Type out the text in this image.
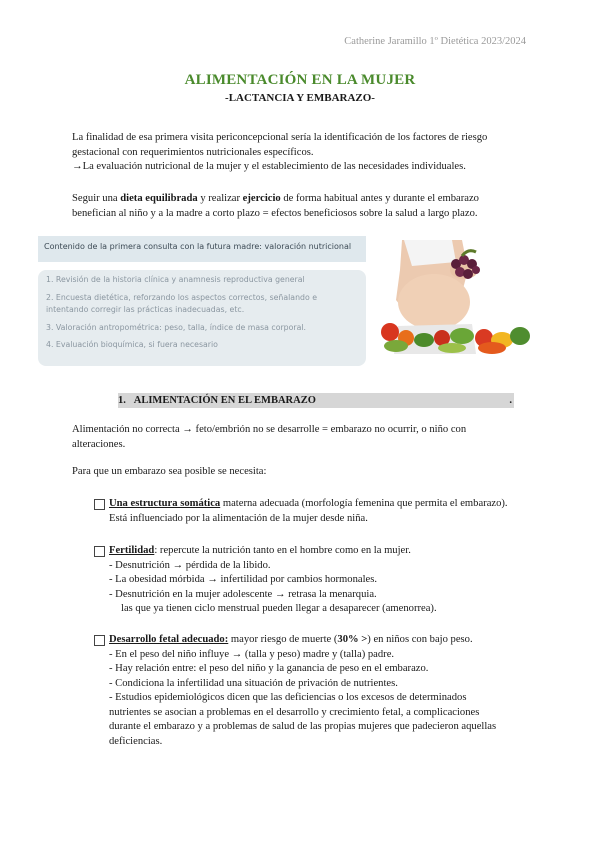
Catherine Jaramillo 1º Dietética 2023/2024
ALIMENTACIÓN EN LA MUJER
-LACTANCIA Y EMBARAZO-

La finalidad de esa primera visita periconcepcional sería la identificación de los factores de riesgo

gestacional con requerimientos nutricionales específicos.

→La evaluación nutricional de la mujer y el establecimiento de las necesidades individuales.

Seguir una dieta equilibrada y realizar ejercicio de forma habitual antes y durante el embarazo

benefician al niño y a la madre a corto plazo = efectos beneficiosos sobre la salud a largo plazo.

Contenido de la primera consulta con la futura madre: valoración nutricional

1. Revisión de la historia clínica y anamnesis reproductiva general

2. Encuesta dietética, reforzando los aspectos correctos, señalando e intentando corregir las prácticas inadecuadas, etc.

3. Valoración antropométrica: peso, talla, índice de masa corporal.

4. Evaluación bioquímica, si fuera necesario

1. ALIMENTACIÓN EN EL EMBARAZO	.

Alimentación no correcta → feto/embrión no se desarrolle = embarazo no ocurrir, o niño con

alteraciones.

Para que un embarazo sea posible se necesita:

Una estructura somática materna adecuada (morfología femenina que permita el embarazo).

Está influenciado por la alimentación de la mujer desde niña.

Fertilidad: repercute la nutrición tanto en el hombre como en la mujer.

- Desnutrición → pérdida de la libido.

- La obesidad mórbida → infertilidad por cambios hormonales.

- Desnutrición en la mujer adolescente → retrasa la menarquia.

las que ya tienen ciclo menstrual pueden llegar a desaparecer (amenorrea).

Desarrollo fetal adecuado: mayor riesgo de muerte (30% >) en niños con bajo peso.

- En el peso del niño influye → (talla y peso) madre y (talla) padre.

- Hay relación entre: el peso del niño y la ganancia de peso en el embarazo.

- Condiciona la infertilidad una situación de privación de nutrientes.

- Estudios epidemiológicos dicen que las deficiencias o los excesos de determinados

nutrientes se asocian a problemas en el desarrollo y crecimiento fetal, a complicaciones

durante el embarazo y a problemas de salud de las propias mujeres que padecieron aquellas

deficiencias.
